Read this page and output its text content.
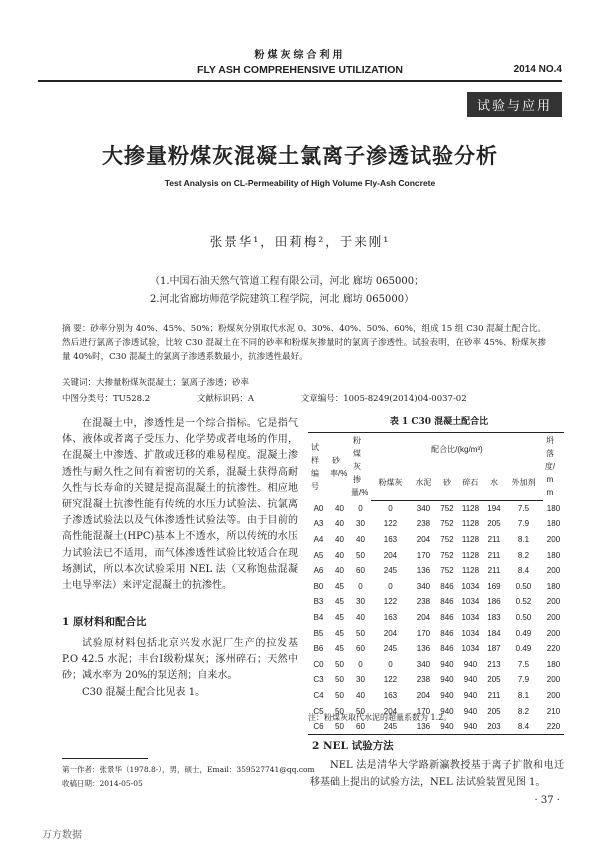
粉煤灰综合利用
FLY ASH COMPREHENSIVE UTILIZATION	2014 NO.4
试验与应用
大掺量粉煤灰混凝土氯离子渗透试验分析
Test Analysis on CL-Permeability of High Volume Fly-Ash Concrete
张景华¹，田莉梅²，于来刚¹
（1.中国石油天然气管道工程有限公司，河北 廊坊 065000；
2.河北省廊坊师范学院建筑工程学院，河北 廊坊 065000）
摘 要：砂率分别为 40%、45%、50%；粉煤灰分别取代水泥 0、30%、40%、50%、60%，组成 15 组 C30 混凝土配合比。然后进行氯离子渗透试验，比较 C30 混凝土在不同的砂率和粉煤灰掺量时的氯离子渗透性。试验表明，在砂率 45%、粉煤灰掺量 40%时，C30 混凝土的氯离子渗透系数最小，抗渗透性最好。
关键词：大掺量粉煤灰混凝土；氯离子渗透；砂率
中图分类号：TU528.2	文献标识码：A	文章编号：1005-8249(2014)04-0037-02
在混凝土中，渗透性是一个综合指标。它是指气体、液体或者离子受压力、化学势或者电场的作用，在混凝土中渗透、扩散或迁移的难易程度。混凝土渗透性与耐久性之间有着密切的关系，混凝土获得高耐久性与长寿命的关键是提高混凝土的抗渗性。相应地研究混凝土抗渗性能有传统的水压力试验法、抗氯离子渗透试验法以及气体渗透性试验法等。由于目前的高性能混凝土(HPC)基本上不透水，所以传统的水压力试验法已不适用，而气体渗透性试验比较适合在现场测试，所以本次试验采用 NEL 法（又称饱盐混凝土电导率法）来评定混凝土的抗渗性。
1 原材料和配合比
试验原材料包括北京兴发水泥厂生产的拉发基 P.O 42.5 水泥；丰台Ⅰ级粉煤灰；涿州碎石；天然中砂；减水率为 20%的泵送剂；自来水。
C30 混凝土配合比见表 1。
表 1 C30 混凝土配合比
试样编号	砂率/%	粉煤灰掺量/%	配合比/(kg/m³)						坍落度/mm

			粉煤灰	水泥	砂	碎石	水	外加剂	
A0	40	0	0	340	752	1128	194	7.5	180
A3	40	30	122	238	752	1128	205	7.9	180
A4	40	40	163	204	752	1128	211	8.1	200
A5	40	50	204	170	752	1128	211	8.2	180
A6	40	60	245	136	752	1128	211	8.4	200
B0	45	0	0	340	846	1034	169	0.50	180
B3	45	30	122	238	846	1034	186	0.52	200
B4	45	40	163	204	846	1034	183	0.50	200
B5	45	50	204	170	846	1034	184	0.49	200
B6	45	60	245	136	846	1034	187	0.49	220
C0	50	0	0	340	940	940	213	7.5	180
C3	50	30	122	238	940	940	205	7.9	200
C4	50	40	163	204	940	940	211	8.1	200
C5	50	50	204	170	940	940	205	8.2	210
C6	50	60	245	136	940	940	203	8.4	220
注：粉煤灰取代水泥的超量系数为 1.2。
2 NEL 试验方法
NEL 法是清华大学路新瀛教授基于离子扩散和电迁移基础上提出的试验方法，NEL 法试验装置见图 1。
第一作者：张景华（1978.8-），男，硕士，Email：359527741@qq.com
收稿日期：2014-05-05
· 37 ·
万方数据
